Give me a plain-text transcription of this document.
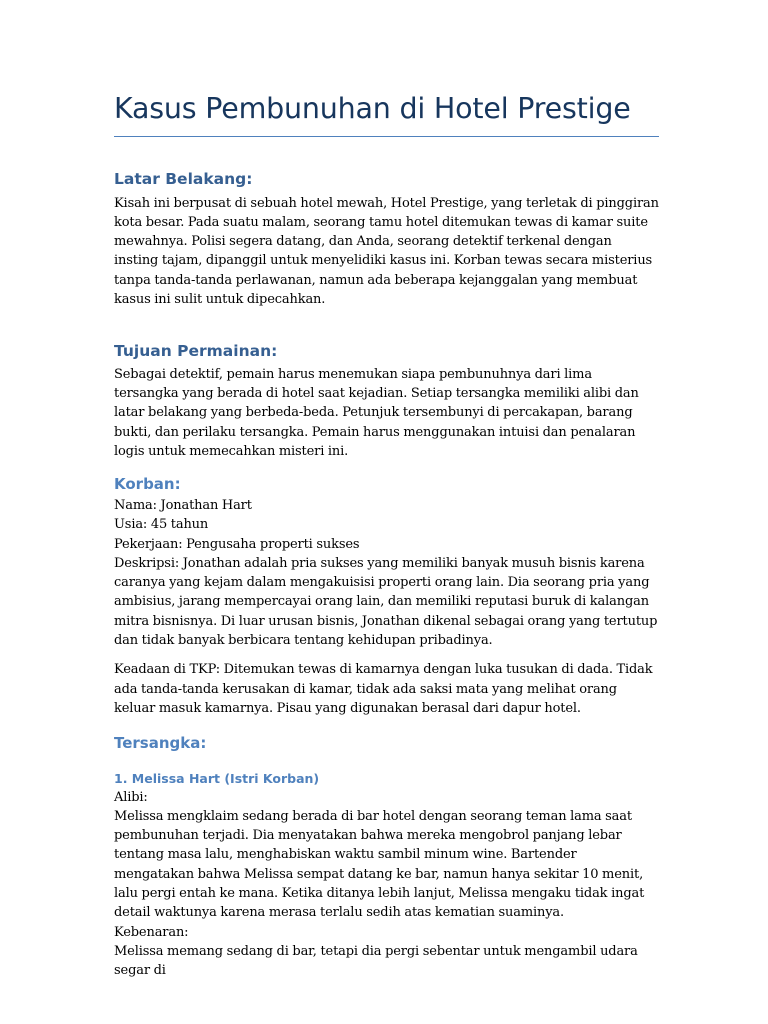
Kasus Pembunuhan di Hotel Prestige
Latar Belakang:

Kisah ini berpusat di sebuah hotel mewah, Hotel Prestige, yang terletak di pinggiran kota besar. Pada suatu malam, seorang tamu hotel ditemukan tewas di kamar suite mewahnya. Polisi segera datang, dan Anda, seorang detektif terkenal dengan insting tajam, dipanggil untuk menyelidiki kasus ini. Korban tewas secara misterius tanpa tanda-tanda perlawanan, namun ada beberapa kejanggalan yang membuat kasus ini sulit untuk dipecahkan.

Tujuan Permainan:

Sebagai detektif, pemain harus menemukan siapa pembunuhnya dari lima tersangka yang berada di hotel saat kejadian. Setiap tersangka memiliki alibi dan latar belakang yang berbeda-beda. Petunjuk tersembunyi di percakapan, barang bukti, dan perilaku tersangka. Pemain harus menggunakan intuisi dan penalaran logis untuk memecahkan misteri ini.

Korban:

Nama: Jonathan Hart

Usia: 45 tahun

Pekerjaan: Pengusaha properti sukses

Deskripsi: Jonathan adalah pria sukses yang memiliki banyak musuh bisnis karena caranya yang kejam dalam mengakuisisi properti orang lain. Dia seorang pria yang ambisius, jarang mempercayai orang lain, dan memiliki reputasi buruk di kalangan mitra bisnisnya. Di luar urusan bisnis, Jonathan dikenal sebagai orang yang tertutup dan tidak banyak berbicara tentang kehidupan pribadinya.

Keadaan di TKP: Ditemukan tewas di kamarnya dengan luka tusukan di dada. Tidak ada tanda-tanda kerusakan di kamar, tidak ada saksi mata yang melihat orang keluar masuk kamarnya. Pisau yang digunakan berasal dari dapur hotel.

Tersangka:
1. Melissa Hart (Istri Korban)

Alibi:

Melissa mengklaim sedang berada di bar hotel dengan seorang teman lama saat pembunuhan terjadi. Dia menyatakan bahwa mereka mengobrol panjang lebar tentang masa lalu, menghabiskan waktu sambil minum wine. Bartender mengatakan bahwa Melissa sempat datang ke bar, namun hanya sekitar 10 menit, lalu pergi entah ke mana. Ketika ditanya lebih lanjut, Melissa mengaku tidak ingat detail waktunya karena merasa terlalu sedih atas kematian suaminya.

Kebenaran:

Melissa memang sedang di bar, tetapi dia pergi sebentar untuk mengambil udara segar di
